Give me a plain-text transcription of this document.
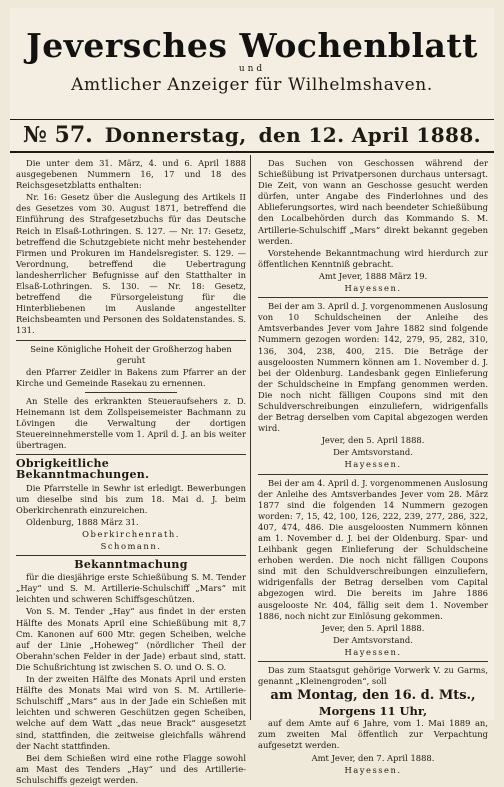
Jeversches Wochenblatt
und
Amtlicher Anzeiger für Wilhelmshaven.
№ 57. Donnerstag, den 12. April 1888.

Die unter dem 31. März, 4. und 6. April 1888 ausgegebenen Nummern 16, 17 und 18 des Reichsgesetzblatts enthalten:

Nr. 16: Gesetz über die Auslegung des Artikels II des Gesetzes vom 30. August 1871, betreffend die Einführung des Strafgesetzbuchs für das Deutsche Reich in Elsaß-Lothringen. S. 127. — Nr. 17: Gesetz, betreffend die Schutzgebiete nicht mehr bestehender Firmen und Prokuren im Handelsregister. S. 129. — Verordnung, betreffend die Uebertragung landesherrlicher Befugnisse auf den Statthalter in Elsaß-Lothringen. S. 130. — Nr. 18: Gesetz, betreffend die Fürsorgeleistung für die Hinterbliebenen im Auslande angestellter Reichsbeamten und Personen des Soldatenstandes. S. 131.

Seine Königliche Hoheit der Großherzog haben geruht

den Pfarrer Zeidler in Bakens zum Pfarrer an der Kirche und Gemeinde Rasekau zu ernennen.

An Stelle des erkrankten Steueraufsehers z. D. Heinemann ist dem Zollspeisemeister Bachmann zu Lövingen die Verwaltung der dortigen Steuereinnehmerstelle vom 1. April d. J. an bis weiter übertragen.

Obrigkeitliche Bekanntmachungen.

Die Pfarrstelle in Sewhr ist erledigt. Bewerbungen um dieselbe sind bis zum 18. Mai d. J. beim Oberkirchenrath einzureichen.

Oldenburg, 1888 März 31.

Oberkirchenrath.

Schomann.

Bekanntmachung

für die diesjährige erste Schießübung S. M. Tender „Hay“ und S. M. Artillerie-Schulschiff „Mars“ mit leichten und schweren Schiffsgeschützen.

Von S. M. Tender „Hay“ aus findet in der ersten Hälfte des Monats April eine Schießübung mit 8,7 Cm. Kanonen auf 600 Mtr. gegen Scheiben, welche auf der Linie „Hoheweg“ (nördlicher Theil der Oberahn'schen Felder in der Jade) erbaut sind, statt. Die Schußrichtung ist zwischen S. O. und O. S. O.

In der zweiten Hälfte des Monats April und ersten Hälfte des Monats Mai wird von S. M. Artillerie-Schulschiff „Mars“ aus in der Jade ein Schießen mit leichten und schweren Geschützen gegen Scheiben, welche auf dem Watt „das neue Brack“ ausgesetzt sind, stattfinden, die zeitweise gleichfalls während der Nacht stattfinden.

Bei dem Schießen wird eine rothe Flagge sowohl am Mast des Tenders „Hay“ und des Artillerie-Schulschiffs gezeigt werden.

Das Suchen von Geschossen während der Schießübung ist Privatpersonen durchaus untersagt. Die Zeit, von wann an Geschosse gesucht werden dürfen, unter Angabe des Finderlohnes und des Ablieferungsortes, wird nach beendeter Schießübung den Localbehörden durch das Kommando S. M. Artillerie-Schulschiff „Mars“ direkt bekannt gegeben werden.

Vorstehende Bekanntmachung wird hierdurch zur öffentlichen Kenntniß gebracht.

Amt Jever, 1888 März 19.

Hayessen.

Bei der am 3. April d. J. vorgenommenen Auslosung von 10 Schuldscheinen der Anleihe des Amtsverbandes Jever vom Jahre 1882 sind folgende Nummern gezogen worden: 142, 279, 95, 282, 310, 136, 304, 238, 400, 215. Die Beträge der ausgeloosten Nummern können am 1. November d. J. bei der Oldenburg. Landesbank gegen Einlieferung der Schuldscheine in Empfang genommen werden. Die noch nicht fälligen Coupons sind mit den Schuldverschreibungen einzuliefern, widrigenfalls der Betrag derselben vom Capital abgezogen werden wird.

Jever, den 5. April 1888.

Der Amtsvorstand.

Hayessen.

Bei der am 4. April d. J. vorgenommenen Auslosung der Anleihe des Amtsverbandes Jever vom 28. März 1877 sind die folgenden 14 Nummern gezogen worden: 7, 15, 42, 100, 126, 222, 239, 277, 286, 322, 407, 474, 486. Die ausgeloosten Nummern können am 1. November d. J. bei der Oldenburg. Spar- und Leihbank gegen Einlieferung der Schuldscheine erhoben werden. Die noch nicht fälligen Coupons sind mit den Schuldverschreibungen einzuliefern, widrigenfalls der Betrag derselben vom Capital abgezogen wird. Die bereits im Jahre 1886 ausgelooste Nr. 404, fällig seit dem 1. November 1886, noch nicht zur Einlösung gekommen.

Jever, den 5. April 1888.

Der Amtsvorstand.

Hayessen.

Das zum Staatsgut gehörige Vorwerk V. zu Garms, genannt „Kleinengroden“, soll

am Montag, den 16. d. Mts.,
Morgens 11 Uhr,

auf dem Amte auf 6 Jahre, vom 1. Mai 1889 an, zum zweiten Mal öffentlich zur Verpachtung aufgesetzt werden.

Amt Jever, den 7. April 1888.

Hayessen.
